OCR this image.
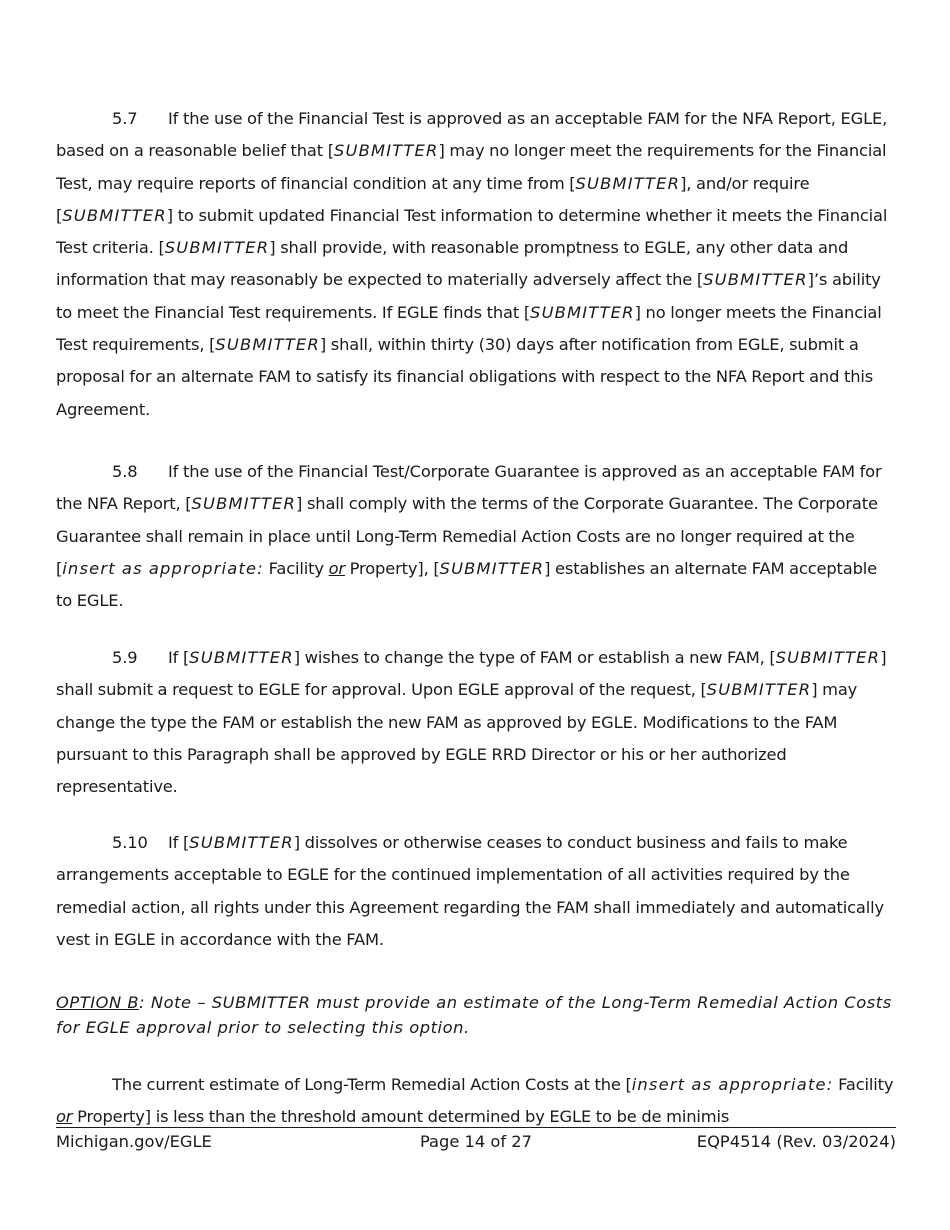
5.7 If the use of the Financial Test is approved as an acceptable FAM for the NFA Report, EGLE, based on a reasonable belief that [SUBMITTER] may no longer meet the requirements for the Financial Test, may require reports of financial condition at any time from [SUBMITTER], and/or require [SUBMITTER] to submit updated Financial Test information to determine whether it meets the Financial Test criteria. [SUBMITTER] shall provide, with reasonable promptness to EGLE, any other data and information that may reasonably be expected to materially adversely affect the [SUBMITTER]’s ability to meet the Financial Test requirements. If EGLE finds that [SUBMITTER] no longer meets the Financial Test requirements, [SUBMITTER] shall, within thirty (30) days after notification from EGLE, submit a proposal for an alternate FAM to satisfy its financial obligations with respect to the NFA Report and this Agreement.

5.8 If the use of the Financial Test/Corporate Guarantee is approved as an acceptable FAM for the NFA Report, [SUBMITTER] shall comply with the terms of the Corporate Guarantee. The Corporate Guarantee shall remain in place until Long-Term Remedial Action Costs are no longer required at the [insert as appropriate: Facility or Property], [SUBMITTER] establishes an alternate FAM acceptable to EGLE.

5.9 If [SUBMITTER] wishes to change the type of FAM or establish a new FAM, [SUBMITTER] shall submit a request to EGLE for approval. Upon EGLE approval of the request, [SUBMITTER] may change the type the FAM or establish the new FAM as approved by EGLE. Modifications to the FAM pursuant to this Paragraph shall be approved by EGLE RRD Director or his or her authorized representative.

5.10 If [SUBMITTER] dissolves or otherwise ceases to conduct business and fails to make arrangements acceptable to EGLE for the continued implementation of all activities required by the remedial action, all rights under this Agreement regarding the FAM shall immediately and automatically vest in EGLE in accordance with the FAM.

OPTION B: Note – SUBMITTER must provide an estimate of the Long-Term Remedial Action Costs for EGLE approval prior to selecting this option.

The current estimate of Long-Term Remedial Action Costs at the [insert as appropriate: Facility or Property] is less than the threshold amount determined by EGLE to be de minimis

Michigan.gov/EGLE	Page 14 of 27	EQP4514 (Rev. 03/2024)
